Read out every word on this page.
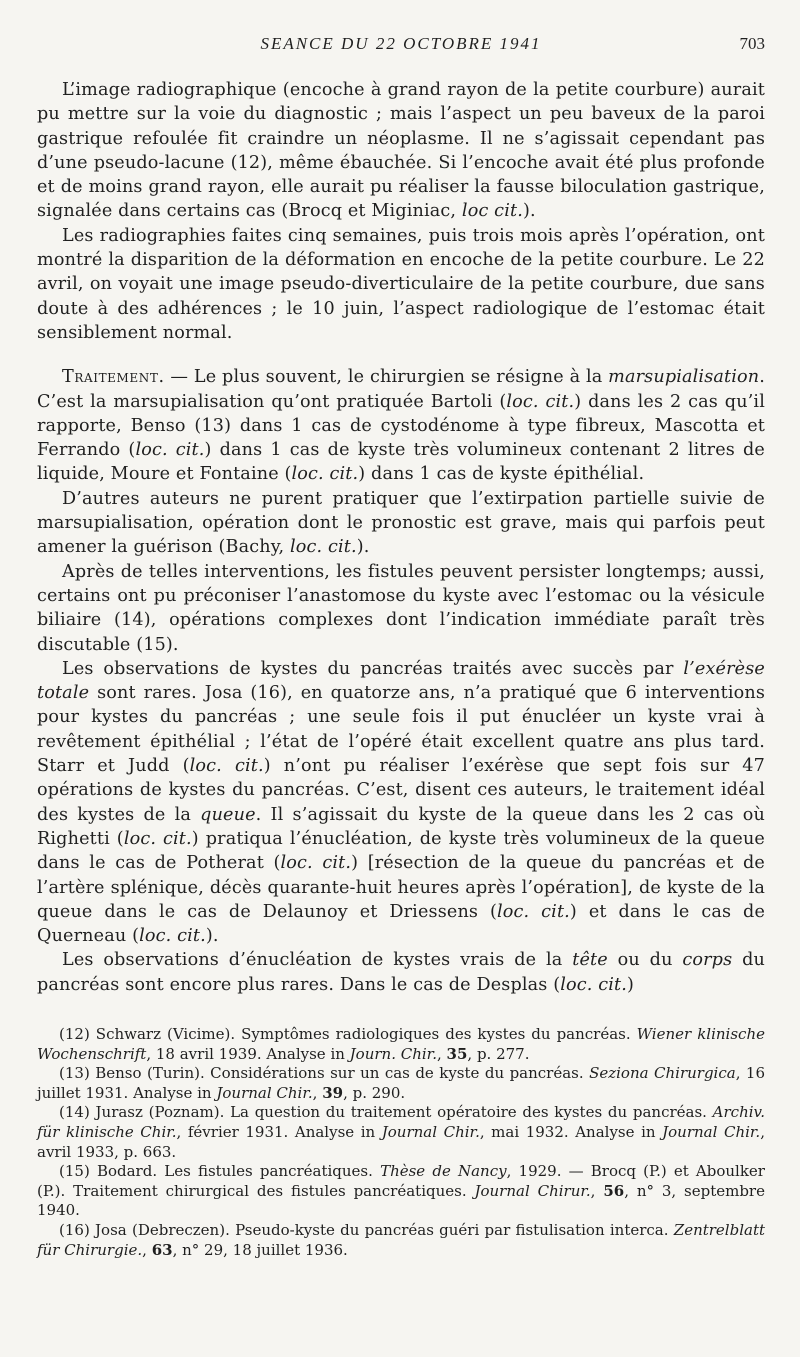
SEANCE DU 22 OCTOBRE 1941	703

L’image radiographique (encoche à grand rayon de la petite courbure) aurait pu mettre sur la voie du diagnostic ; mais l’aspect un peu baveux de la paroi gastrique refoulée fit craindre un néoplasme. Il ne s’agissait cependant pas d’une pseudo-lacune (12), même ébauchée. Si l’encoche avait été plus profonde et de moins grand rayon, elle aurait pu réaliser la fausse biloculation gastrique, signalée dans certains cas (Brocq et Miginiac, loc cit.).

Les radiographies faites cinq semaines, puis trois mois après l’opération, ont montré la disparition de la déformation en encoche de la petite courbure. Le 22 avril, on voyait une image pseudo-diverticulaire de la petite courbure, due sans doute à des adhérences ; le 10 juin, l’aspect radiologique de l’estomac était sensiblement normal.

Traitement. — Le plus souvent, le chirurgien se résigne à la marsupialisation. C’est la marsupialisation qu’ont pratiquée Bartoli (loc. cit.) dans les 2 cas qu’il rapporte, Benso (13) dans 1 cas de cystodénome à type fibreux, Mascotta et Ferrando (loc. cit.) dans 1 cas de kyste très volumineux contenant 2 litres de liquide, Moure et Fontaine (loc. cit.) dans 1 cas de kyste épithélial.

D’autres auteurs ne purent pratiquer que l’extirpation partielle suivie de marsupialisation, opération dont le pronostic est grave, mais qui parfois peut amener la guérison (Bachy, loc. cit.).

Après de telles interventions, les fistules peuvent persister longtemps; aussi, certains ont pu préconiser l’anastomose du kyste avec l’estomac ou la vésicule biliaire (14), opérations complexes dont l’indication immédiate paraît très discutable (15).

Les observations de kystes du pancréas traités avec succès par l’exérèse totale sont rares. Josa (16), en quatorze ans, n’a pratiqué que 6 interventions pour kystes du pancréas ; une seule fois il put énucléer un kyste vrai à revêtement épithélial ; l’état de l’opéré était excellent quatre ans plus tard. Starr et Judd (loc. cit.) n’ont pu réaliser l’exérèse que sept fois sur 47 opérations de kystes du pancréas. C’est, disent ces auteurs, le traitement idéal des kystes de la queue. Il s’agissait du kyste de la queue dans les 2 cas où Righetti (loc. cit.) pratiqua l’énucléation, de kyste très volumineux de la queue dans le cas de Potherat (loc. cit.) [résection de la queue du pancréas et de l’artère splénique, décès quarante-huit heures après l’opération], de kyste de la queue dans le cas de Delaunoy et Driessens (loc. cit.) et dans le cas de Querneau (loc. cit.).

Les observations d’énucléation de kystes vrais de la tête ou du corps du pancréas sont encore plus rares. Dans le cas de Desplas (loc. cit.)

(12) Schwarz (Vicime). Symptômes radiologiques des kystes du pancréas. Wiener klinische Wochenschrift, 18 avril 1939. Analyse in Journ. Chir., 35, p. 277.

(13) Benso (Turin). Considérations sur un cas de kyste du pancréas. Seziona Chirurgica, 16 juillet 1931. Analyse in Journal Chir., 39, p. 290.

(14) Jurasz (Poznam). La question du traitement opératoire des kystes du pancréas. Archiv. für klinische Chir., février 1931. Analyse in Journal Chir., mai 1932. Analyse in Journal Chir., avril 1933, p. 663.

(15) Bodard. Les fistules pancréatiques. Thèse de Nancy, 1929. — Brocq (P.) et Aboulker (P.). Traitement chirurgical des fistules pancréatiques. Journal Chirur., 56, n° 3, septembre 1940.

(16) Josa (Debreczen). Pseudo-kyste du pancréas guéri par fistulisation interca. Zentrelblatt für Chirurgie., 63, n° 29, 18 juillet 1936.
